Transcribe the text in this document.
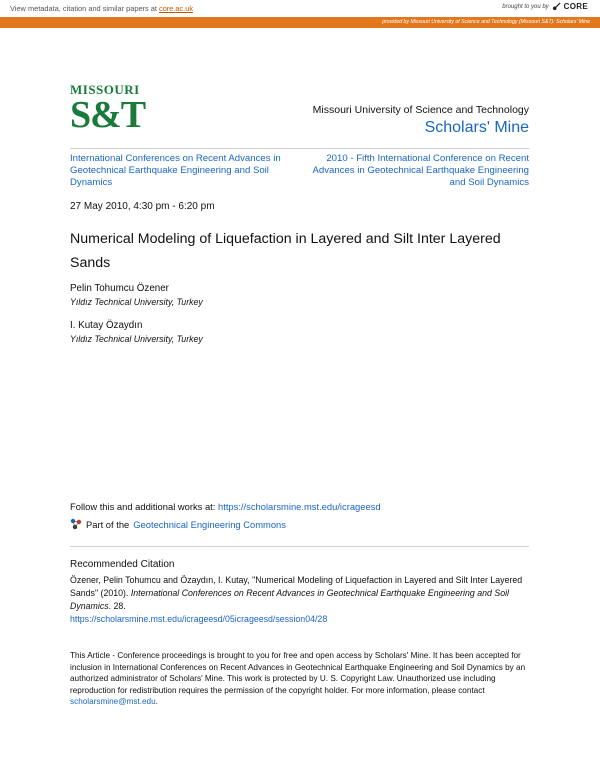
View metadata, citation and similar papers at core.ac.uk	brought to you by CORE
provided by Missouri University of Science and Technology (Missouri S&T): Scholars' Mine
MISSOURI
S&T	Missouri University of Science and Technology
Scholars' Mine
International Conferences on Recent Advances in Geotechnical Earthquake Engineering and Soil Dynamics
2010 - Fifth International Conference on Recent Advances in Geotechnical Earthquake Engineering and Soil Dynamics
27 May 2010, 4:30 pm - 6:20 pm
Numerical Modeling of Liquefaction in Layered and Silt Inter Layered Sands
Pelin Tohumcu Özener
Yıldız Technical University, Turkey
I. Kutay Özaydın
Yıldız Technical University, Turkey
Follow this and additional works at: https://scholarsmine.mst.edu/icrageesd
Part of the Geotechnical Engineering Commons
Recommended Citation
Özener, Pelin Tohumcu and Özaydın, I. Kutay, "Numerical Modeling of Liquefaction in Layered and Silt Inter Layered Sands" (2010). International Conferences on Recent Advances in Geotechnical Earthquake Engineering and Soil Dynamics. 28.
https://scholarsmine.mst.edu/icrageesd/05icrageesd/session04/28
This Article - Conference proceedings is brought to you for free and open access by Scholars' Mine. It has been accepted for inclusion in International Conferences on Recent Advances in Geotechnical Earthquake Engineering and Soil Dynamics by an authorized administrator of Scholars' Mine. This work is protected by U. S. Copyright Law. Unauthorized use including reproduction for redistribution requires the permission of the copyright holder. For more information, please contact scholarsmine@mst.edu.
